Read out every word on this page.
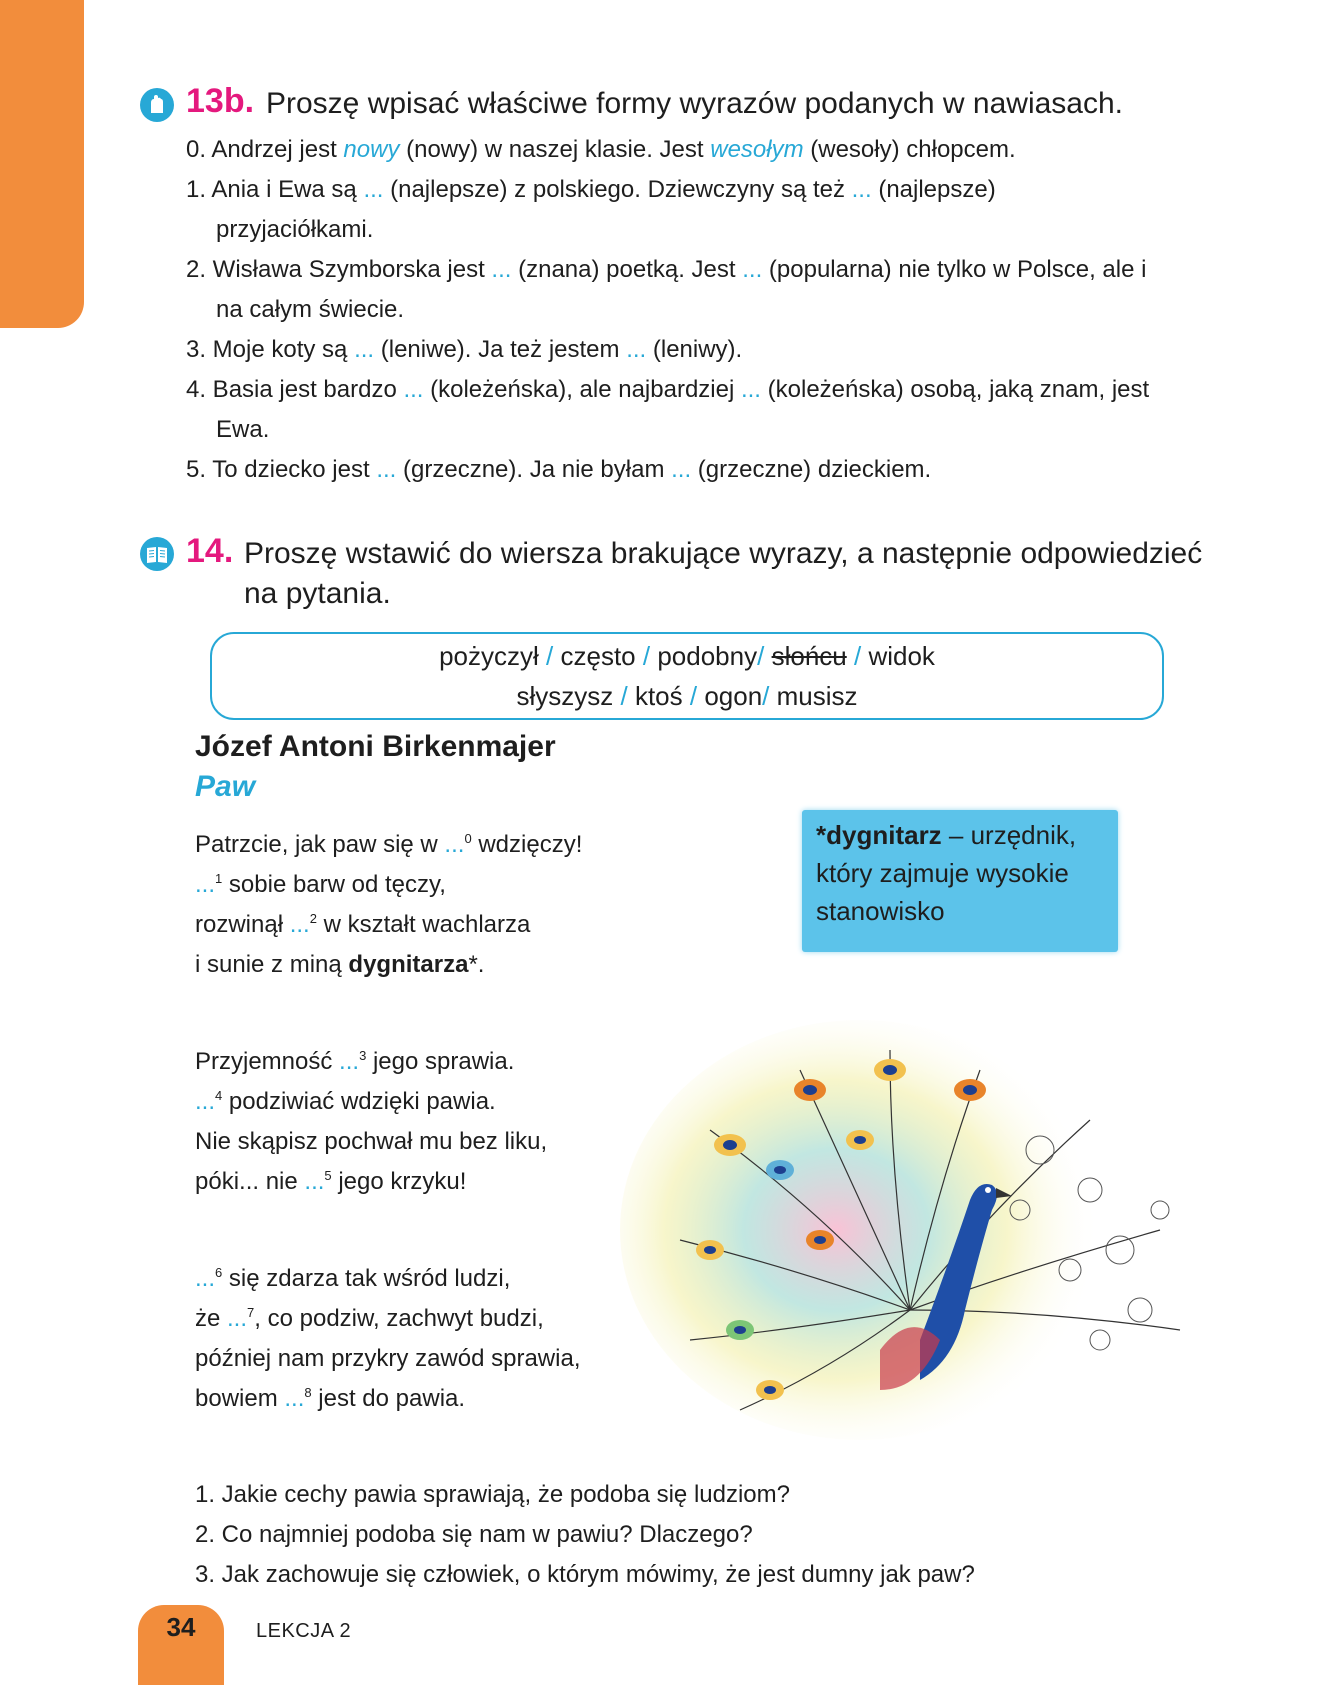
13b. Proszę wpisać właściwe formy wyrazów podanych w nawiasach.
0. Andrzej jest nowy (nowy) w naszej klasie. Jest wesołym (wesoły) chłopcem.
1. Ania i Ewa są ... (najlepsze) z polskiego. Dziewczyny są też ... (najlepsze)
przyjaciółkami.
2. Wisława Szymborska jest ... (znana) poetką. Jest ... (popularna) nie tylko w Polsce, ale i
na całym świecie.
3. Moje koty są ... (leniwe). Ja też jestem ... (leniwy).
4. Basia jest bardzo ... (koleżeńska), ale najbardziej ... (koleżeńska) osobą, jaką znam, jest
Ewa.
5. To dziecko jest ... (grzeczne). Ja nie byłam ... (grzeczne) dzieckiem.
14. Proszę wstawić do wiersza brakujące wyrazy, a następnie odpowiedzieć
na pytania.
pożyczył / często / podobny/ słońcu / widok
słyszysz / ktoś / ogon/ musisz
Józef Antoni Birkenmajer
Paw
Patrzcie, jak paw się w ...$^0$ wdzięczy!
...$^1$ sobie barw od tęczy,
rozwinął ...$^2$ w kształt wachlarza
i sunie z miną dygnitarza*.
*dygnitarz – urzędnik,
który zajmuje wysokie
stanowisko
Przyjemność ...$^3$ jego sprawia.
...$^4$ podziwiać wdzięki pawia.
Nie skąpisz pochwał mu bez liku,
póki... nie ...$^5$ jego krzyku!
...$^6$ się zdarza tak wśród ludzi,
że ...$^7$, co podziw, zachwyt budzi,
później nam przykry zawód sprawia,
bowiem ...$^8$ jest do pawia.
1. Jakie cechy pawia sprawiają, że podoba się ludziom?
2. Co najmniej podoba się nam w pawiu? Dlaczego?
3. Jak zachowuje się człowiek, o którym mówimy, że jest dumny jak paw?
34	LEKCJA 2
